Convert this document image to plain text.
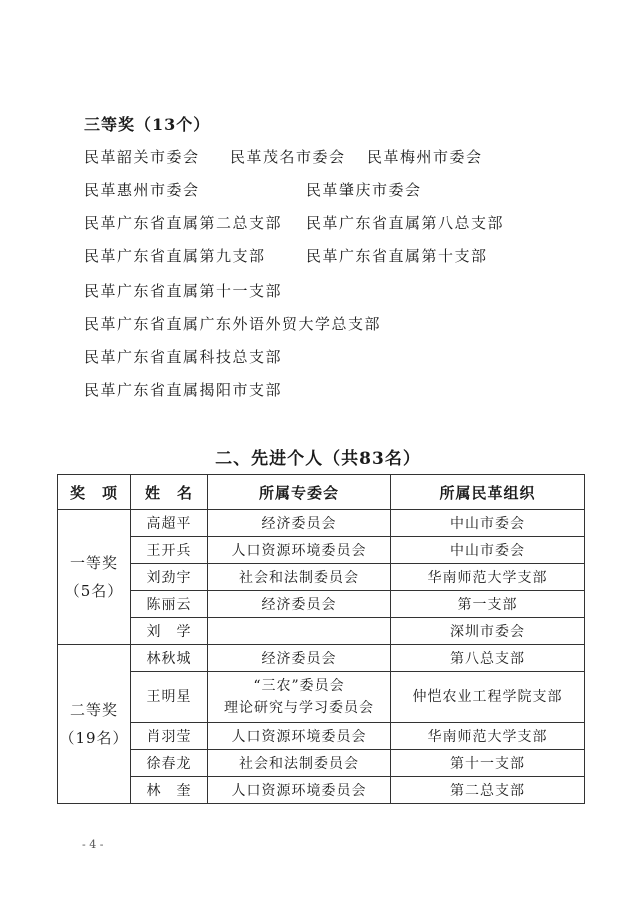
三等奖（13个）
民革韶关市委会 民革茂名市委会 民革梅州市委会
民革惠州市委会	民革肇庆市委会
民革广东省直属第二总支部 民革广东省直属第八总支部
民革广东省直属第九支部	民革广东省直属第十支部
民革广东省直属第十一支部
民革广东省直属广东外语外贸大学总支部
民革广东省直属科技总支部
民革广东省直属揭阳市支部
二、先进个人（共83名）
奖　项	姓　名	所属专委会	所属民革组织

一等奖
（5名）	高超平	经济委员会	中山市委会
	王开兵	人口资源环境委员会	中山市委会
	刘劲宇	社会和法制委员会	华南师范大学支部
	陈丽云	经济委员会	第一支部
	刘　学		深圳市委会

二等奖
（19名）	林秋城	经济委员会	第八总支部
	王明星	“三农”委员会
理论研究与学习委员会	仲恺农业工程学院支部
	肖羽莹	人口资源环境委员会	华南师范大学支部
	徐春龙	社会和法制委员会	第十一支部
	林　奎	人口资源环境委员会	第二总支部
- 4 -
